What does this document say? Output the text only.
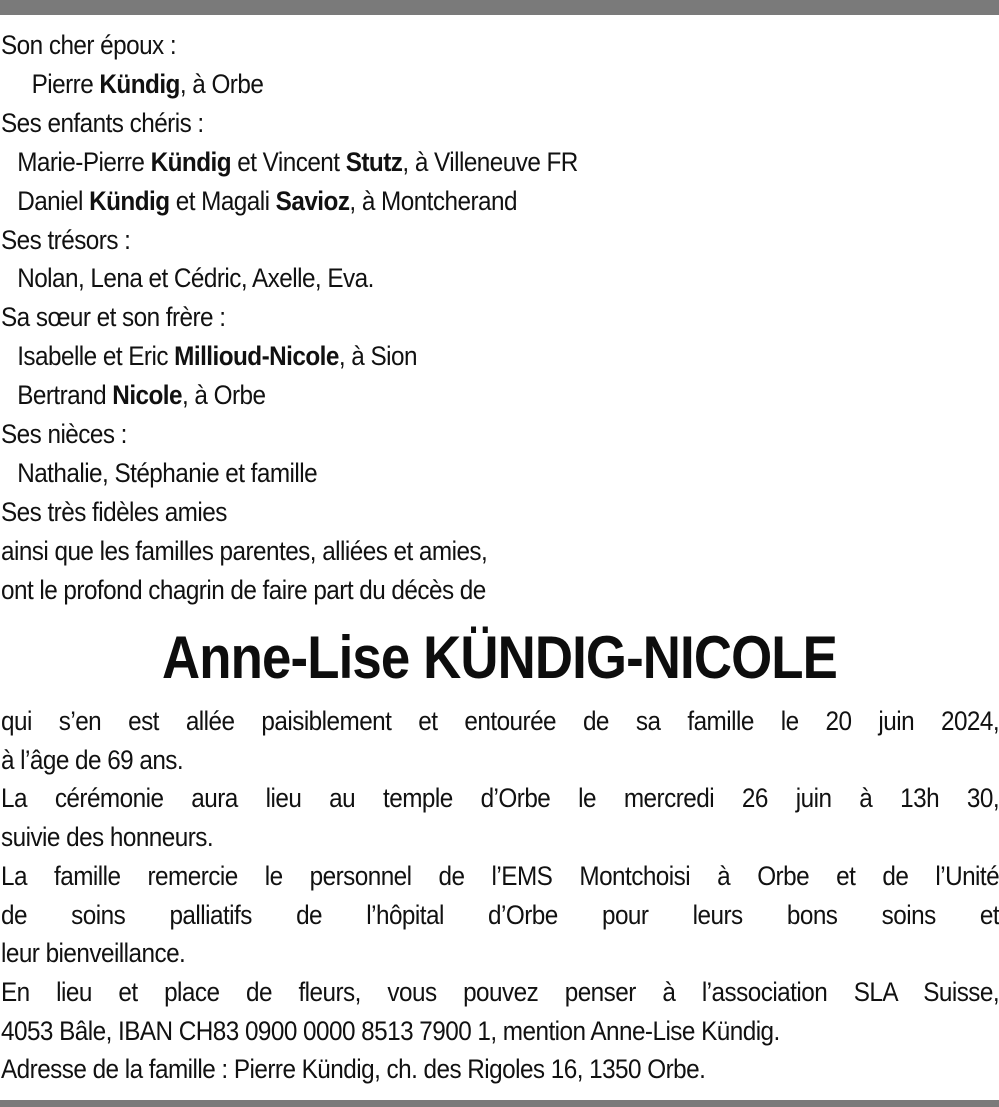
Son cher époux :
Pierre Kündig, à Orbe
Ses enfants chéris :
Marie-Pierre Kündig et Vincent Stutz, à Villeneuve FR
Daniel Kündig et Magali Savioz, à Montcherand
Ses trésors :
Nolan, Lena et Cédric, Axelle, Eva.
Sa sœur et son frère :
Isabelle et Eric Millioud-Nicole, à Sion
Bertrand Nicole, à Orbe
Ses nièces :
Nathalie, Stéphanie et famille
Ses très fidèles amies
ainsi que les familles parentes, alliées et amies,
ont le profond chagrin de faire part du décès de
Anne-Lise KÜNDIG-NICOLE
qui s’en est allée paisiblement et entourée de sa famille le 20 juin 2024,
à l’âge de 69 ans.
La cérémonie aura lieu au temple d’Orbe le mercredi 26 juin à 13h 30,
suivie des honneurs.
La famille remercie le personnel de l’EMS Montchoisi à Orbe et de l’Unité
de soins palliatifs de l’hôpital d’Orbe pour leurs bons soins et
leur bienveillance.
En lieu et place de fleurs, vous pouvez penser à l’association SLA Suisse,
4053 Bâle, IBAN CH83 0900 0000 8513 7900 1, mention Anne-Lise Kündig.
Adresse de la famille : Pierre Kündig, ch. des Rigoles 16, 1350 Orbe.
